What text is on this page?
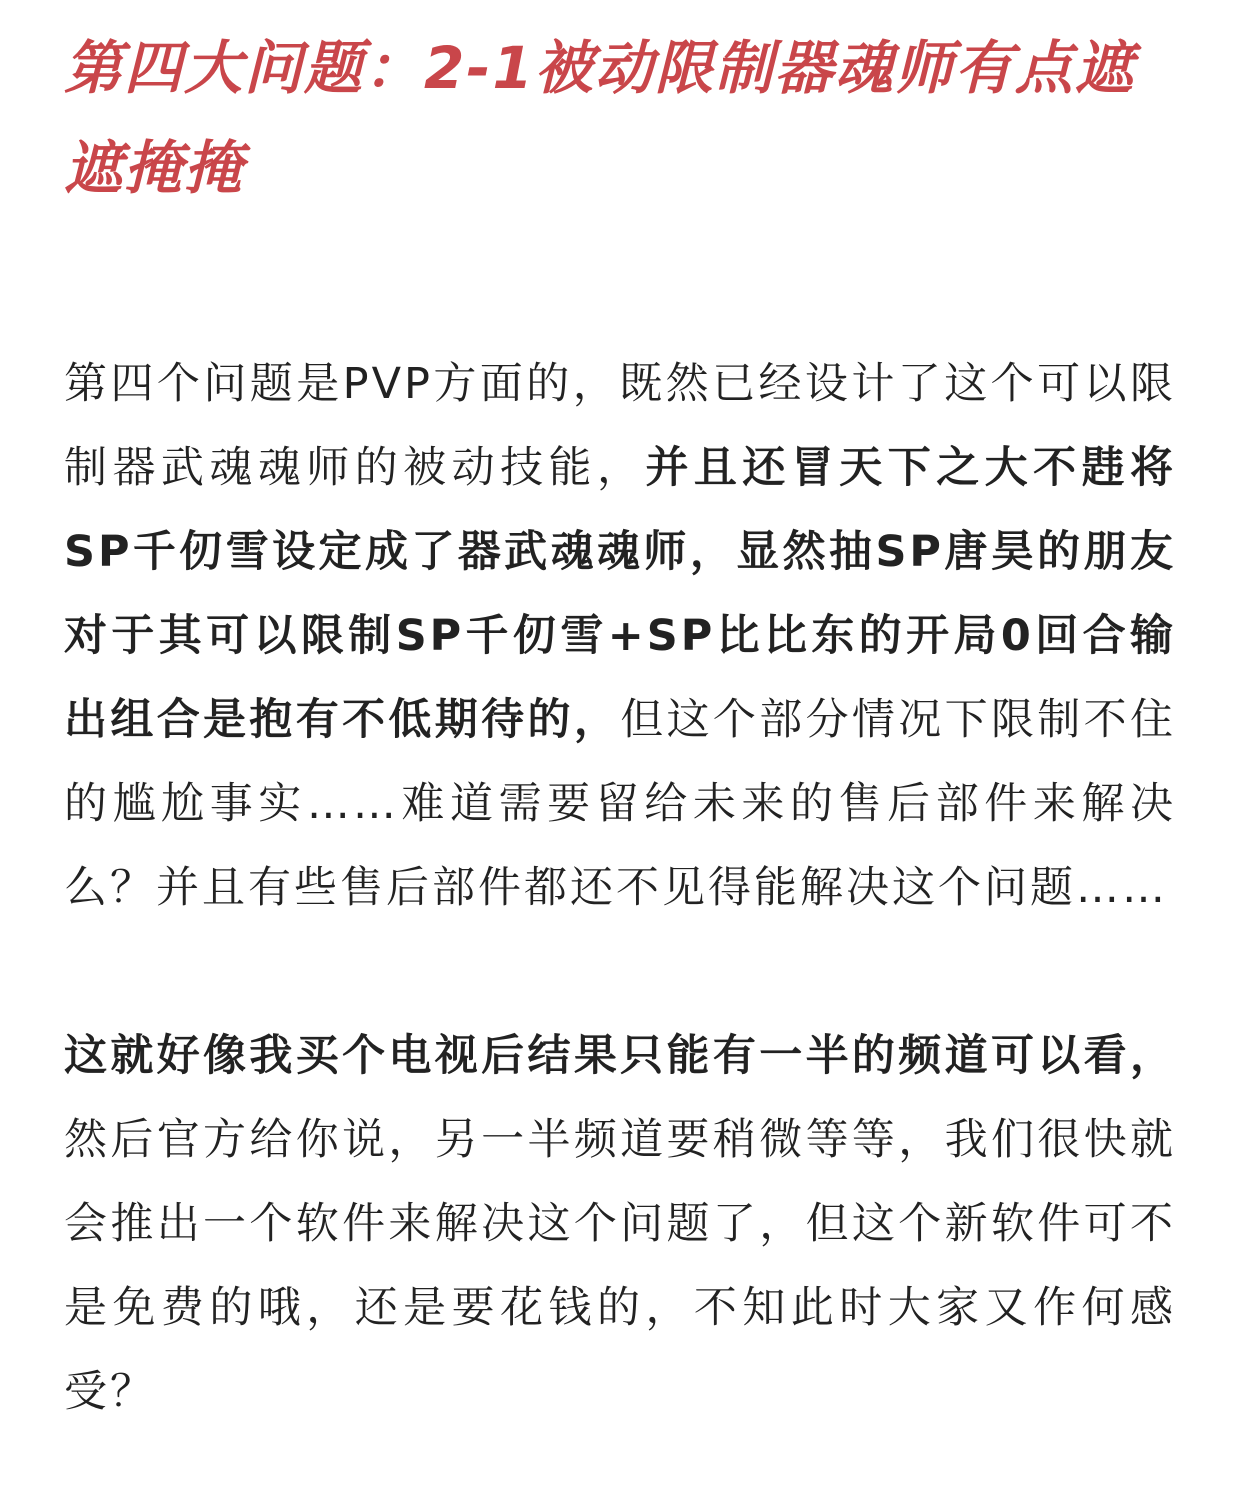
第四大问题：2-1被动限制器魂师有点遮遮掩掩

第四个问题是PVP方面的，既然已经设计了这个可以限制器武魂魂师的被动技能，并且还冒天下之大不韪将SP千仞雪设定成了器武魂魂师，显然抽SP唐昊的朋友对于其可以限制SP千仞雪+SP比比东的开局0回合输出组合是抱有不低期待的，但这个部分情况下限制不住的尴尬事实……难道需要留给未来的售后部件来解决么？并且有些售后部件都还不见得能解决这个问题……

这就好像我买个电视后结果只能有一半的频道可以看，然后官方给你说，另一半频道要稍微等等，我们很快就会推出一个软件来解决这个问题了，但这个新软件可不是免费的哦，还是要花钱的，不知此时大家又作何感受？
